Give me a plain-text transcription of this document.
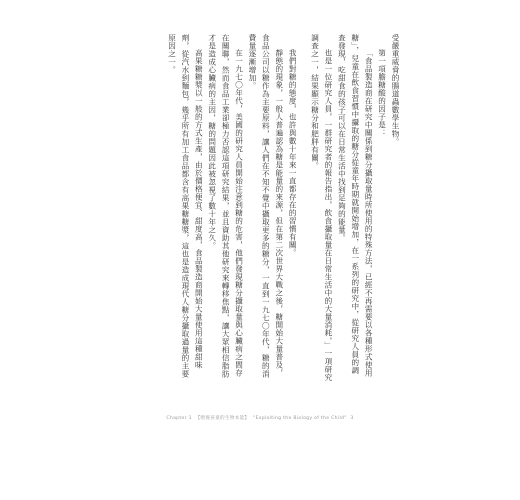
受嚴重威脅的腸道蟲數學生物。

第一項膽糖酸的因子是：

「食品製造商在研究中關係到糖分攝取量時所使用的特殊方法，已經不再需要以各種形式使用糖」，兒童在飲食習慣中攝取的糖分從童年時期就開始增加，在一系列的研究中，從研究人員的調查發現，吃甜食的孩子可以在日常生活中找到足夠的能量。

也是一位研究人員，一群研究者的報告指出，飲食攝取量在日常生活中的大量消耗，」一項研究調查之一，結果顯示糖分和肥胖有關。

我們對糖的態度，也許與數十年來一直都存在的習慣有關。

靜態的現象，一般人普遍認為糖是能量的來源，但在第二次世界大戰之後，糖開始大量普及，食品公司以糖作為主要原料，讓人們在不知不覺中攝取更多的糖分，一直到一九七〇年代，糖的消費量逐漸增加。

在一九七〇年代，美國的研究人員開始注意到糖的危害，他們發現糖分攝取量與心臟病之間存在關聯，然而食品工業卻極力否認這項研究結果，並且資助其他研究來轉移焦點，讓大眾相信脂肪才是造成心臟病的主因，糖的問題因此被忽視了數十年之久。

高果糖糖漿以一般的方式生產，由於價格便宜、甜度高，食品製造商開始大量使用這種甜味劑，從汽水到麵包，幾乎所有加工食品都含有高果糖糖漿，這也是造成現代人糖分攝取過量的主要原因之一。

Chapter 1 【喂養孩童的生物本能】 "Exploiting the Biology of the Child" 3
